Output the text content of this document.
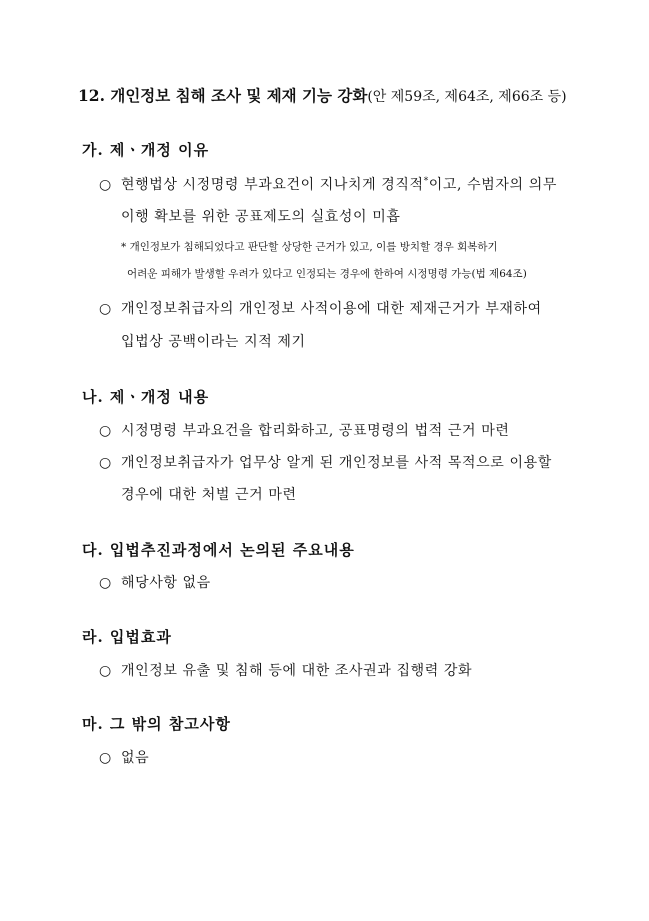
12. 개인정보 침해 조사 및 제재 기능 강화(안 제59조, 제64조, 제66조 등)
가. 제ㆍ개정 이유
○ 현행법상 시정명령 부과요건이 지나치게 경직적*이고, 수범자의 의무
이행 확보를 위한 공표제도의 실효성이 미흡
* 개인정보가 침해되었다고 판단할 상당한 근거가 있고, 이를 방치할 경우 회복하기
어려운 피해가 발생할 우려가 있다고 인정되는 경우에 한하여 시정명령 가능(법 제64조)
○ 개인정보취급자의 개인정보 사적이용에 대한 제재근거가 부재하여
입법상 공백이라는 지적 제기
나. 제ㆍ개정 내용
○ 시정명령 부과요건을 합리화하고, 공표명령의 법적 근거 마련
○ 개인정보취급자가 업무상 알게 된 개인정보를 사적 목적으로 이용할
경우에 대한 처벌 근거 마련
다. 입법추진과정에서 논의된 주요내용
○ 해당사항 없음
라. 입법효과
○ 개인정보 유출 및 침해 등에 대한 조사권과 집행력 강화
마. 그 밖의 참고사항
○ 없음
